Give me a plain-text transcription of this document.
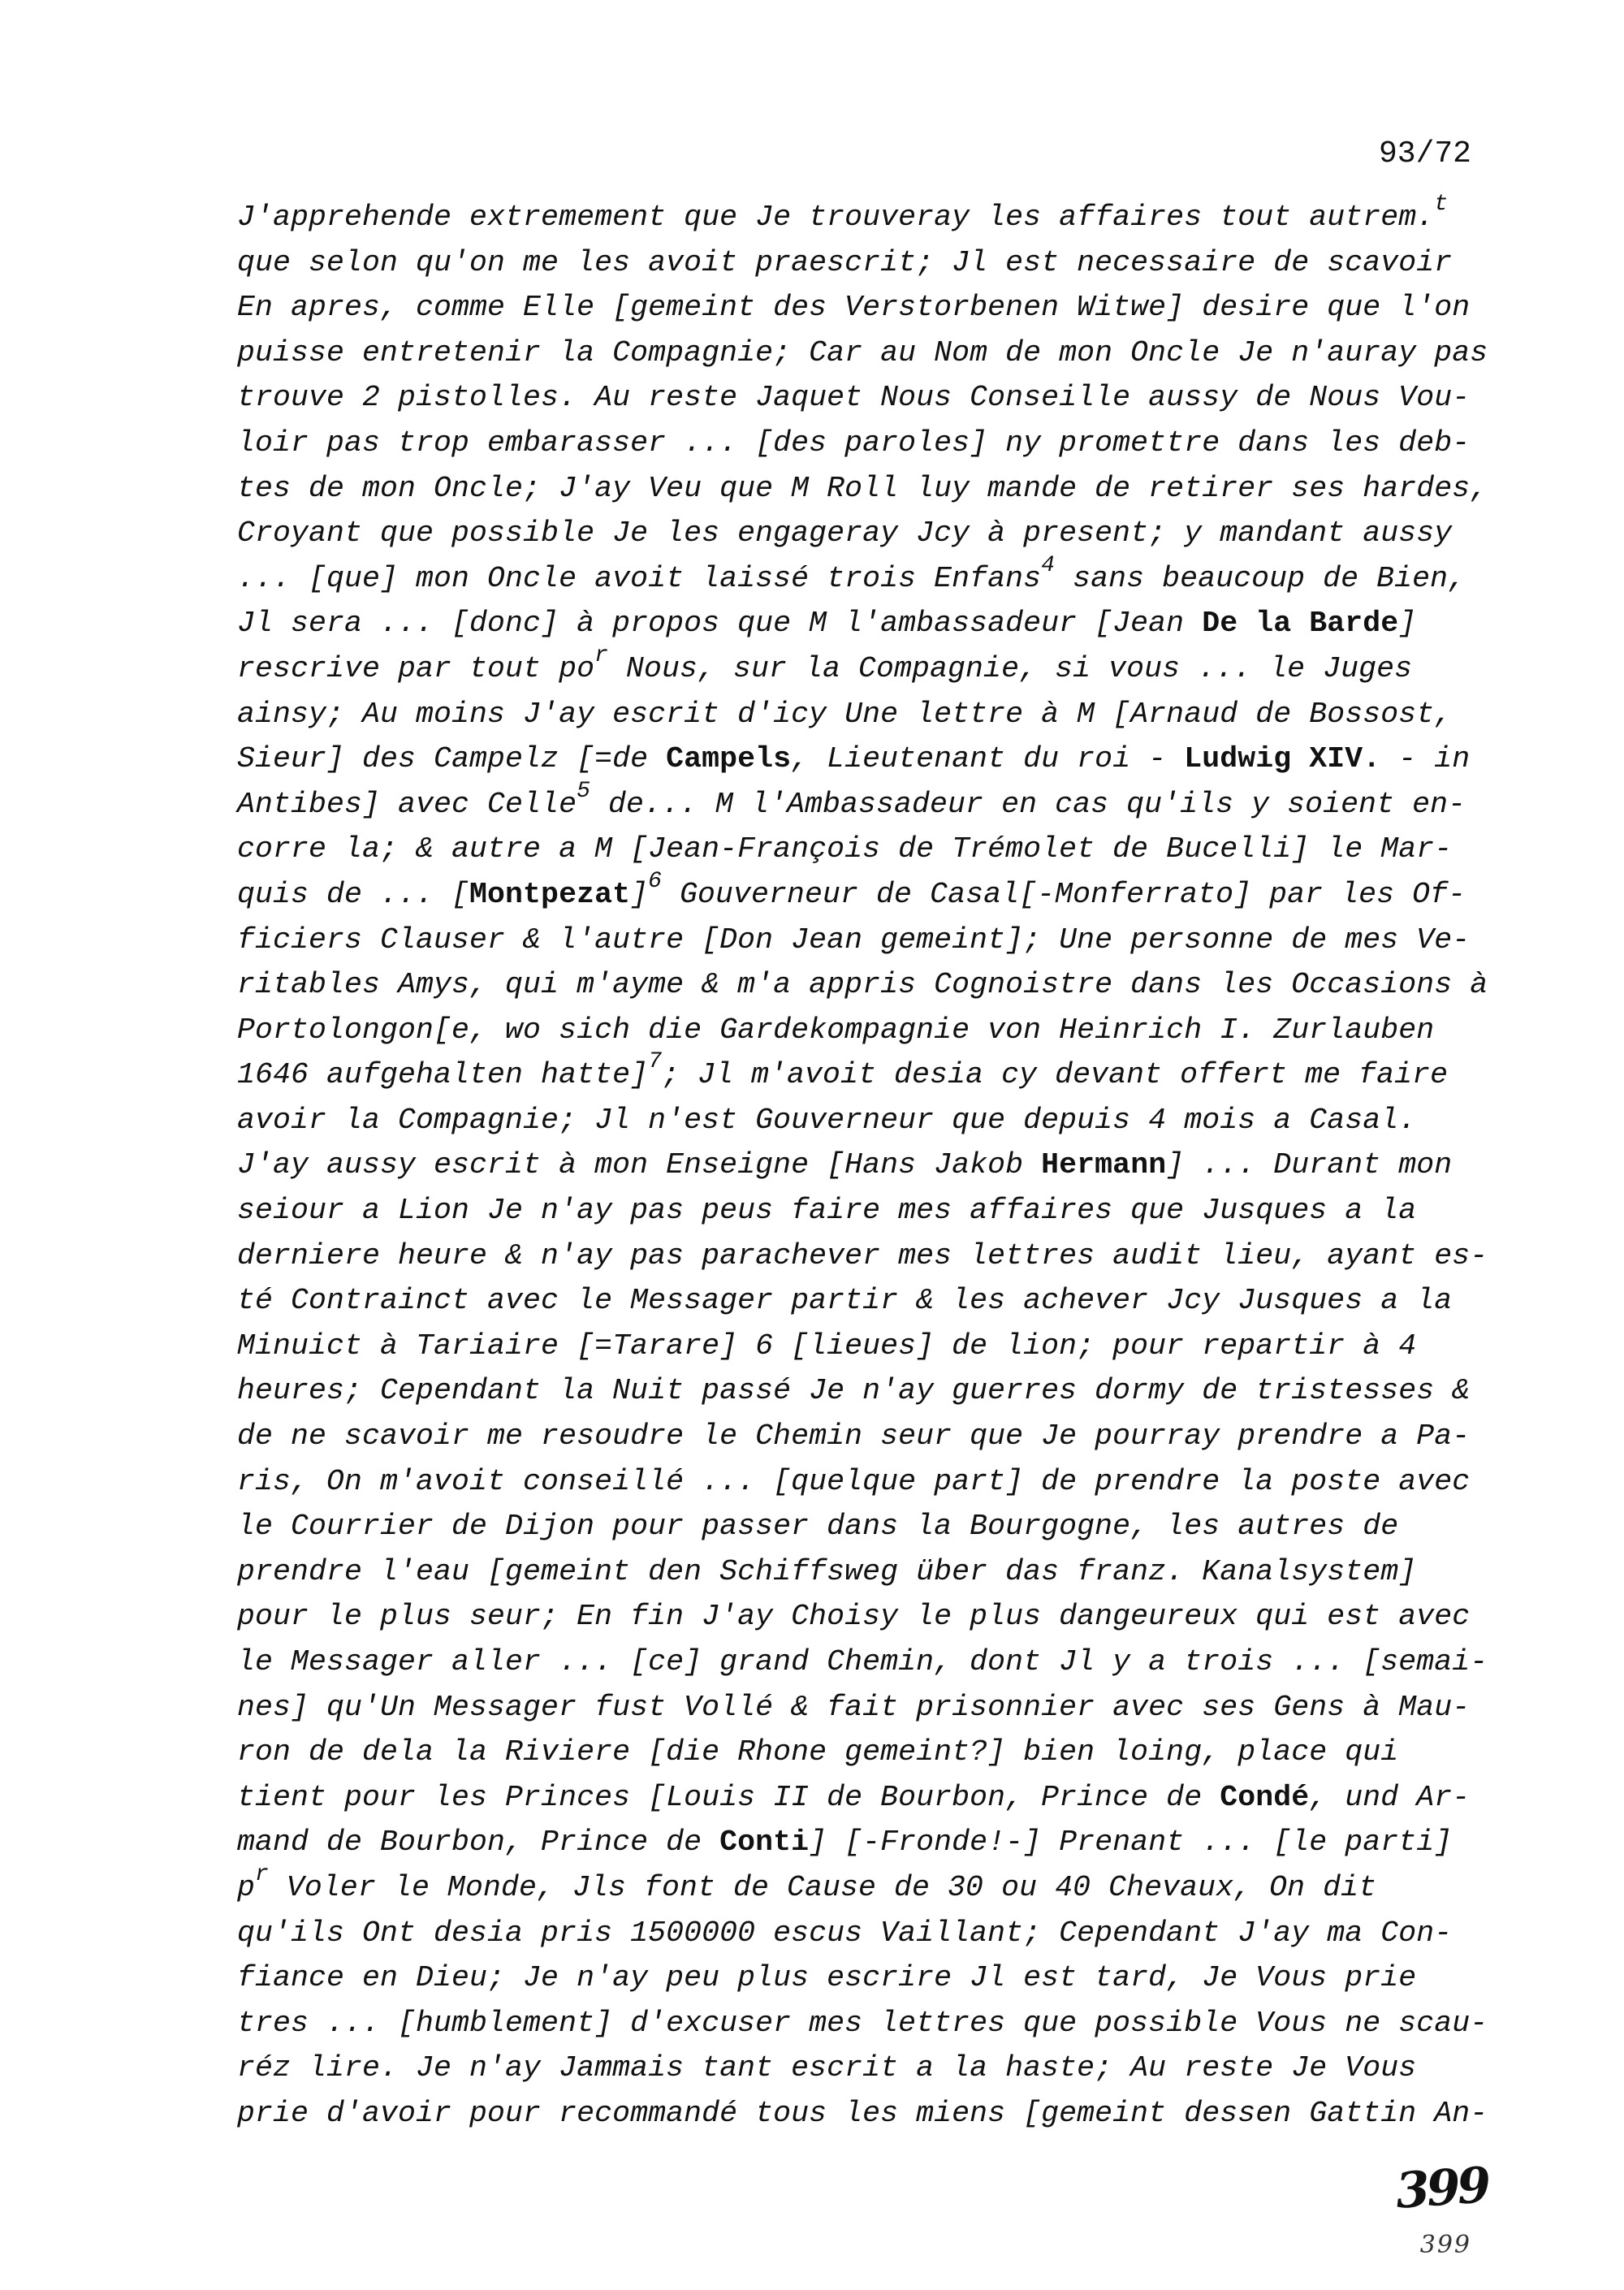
93/72
J'apprehende extremement que Je trouveray les affaires tout autrem.$^t$
que selon qu'on me les avoit praescrit; Jl est necessaire de scavoir
En apres, comme Elle [gemeint des Verstorbenen Witwe] desire que l'on
puisse entretenir la Compagnie; Car au Nom de mon Oncle Je n'auray pas
trouve 2 pistolles. Au reste Jaquet Nous Conseille aussy de Nous Vou-
loir pas trop embarasser ... [des paroles] ny promettre dans les deb-
tes de mon Oncle; J'ay Veu que M Roll luy mande de retirer ses hardes,
Croyant que possible Je les engageray Jcy à present; y mandant aussy
... [que] mon Oncle avoit laissé trois Enfans$^4$ sans beaucoup de Bien,
Jl sera ... [donc] à propos que M l'ambassadeur [Jean De la Barde]
rescrive par tout $po^r$ Nous, sur la Compagnie, si vous ... le Juges
ainsy; Au moins J'ay escrit d'icy Une lettre à M [Arnaud de Bossost,
Sieur] des Campelz [=de Campels, Lieutenant du roi - Ludwig XIV. - in
Antibes] avec Celle$^5$ de... M l'Ambassadeur en cas qu'ils y soient en-
corre la; & autre a M [Jean-François de Trémolet de Bucelli] le Mar-
quis de ... [Montpezat]$^6$ Gouverneur de Casal[-Monferrato] par les Of-
ficiers Clauser & l'autre [Don Jean gemeint]; Une personne de mes Ve-
ritables Amys, qui m'ayme & m'a appris Cognoistre dans les Occasions à
Portolongon[e, wo sich die Gardekompagnie von Heinrich I. Zurlauben
1646 aufgehalten hatte]$^7$; Jl m'avoit desia cy devant offert me faire
avoir la Compagnie; Jl n'est Gouverneur que depuis 4 mois a Casal.
J'ay aussy escrit à mon Enseigne [Hans Jakob Hermann] ... Durant mon
seiour a Lion Je n'ay pas peus faire mes affaires que Jusques a la
derniere heure & n'ay pas parachever mes lettres audit lieu, ayant es-
té Contrainct avec le Messager partir & les achever Jcy Jusques a la
Minuict à Tariaire [=Tarare] 6 [lieues] de lion; pour repartir à 4
heures; Cependant la Nuit passé Je n'ay guerres dormy de tristesses &
de ne scavoir me resoudre le Chemin seur que Je pourray prendre a Pa-
ris, On m'avoit conseillé ... [quelque part] de prendre la poste avec
le Courrier de Dijon pour passer dans la Bourgogne, les autres de
prendre l'eau [gemeint den Schiffsweg über das franz. Kanalsystem]
pour le plus seur; En fin J'ay Choisy le plus dangeureux qui est avec
le Messager aller ... [ce] grand Chemin, dont Jl y a trois ... [semai-
nes] qu'Un Messager fust Vollé & fait prisonnier avec ses Gens à Mau-
ron de dela la Riviere [die Rhone gemeint?] bien loing, place qui
tient pour les Princes [Louis II de Bourbon, Prince de Condé, und Ar-
mand de Bourbon, Prince de Conti] [-Fronde!-] Prenant ... [le parti]
$p^r$ Voler le Monde, Jls font de Cause de 30 ou 40 Chevaux, On dit
qu'ils Ont desia pris 1500000 escus Vaillant; Cependant J'ay ma Con-
fiance en Dieu; Je n'ay peu plus escrire Jl est tard, Je Vous prie
tres ... [humblement] d'excuser mes lettres que possible Vous ne scau-
réz lire. Je n'ay Jammais tant escrit a la haste; Au reste Je Vous
prie d'avoir pour recommandé tous les miens [gemeint dessen Gattin An-
399
399
